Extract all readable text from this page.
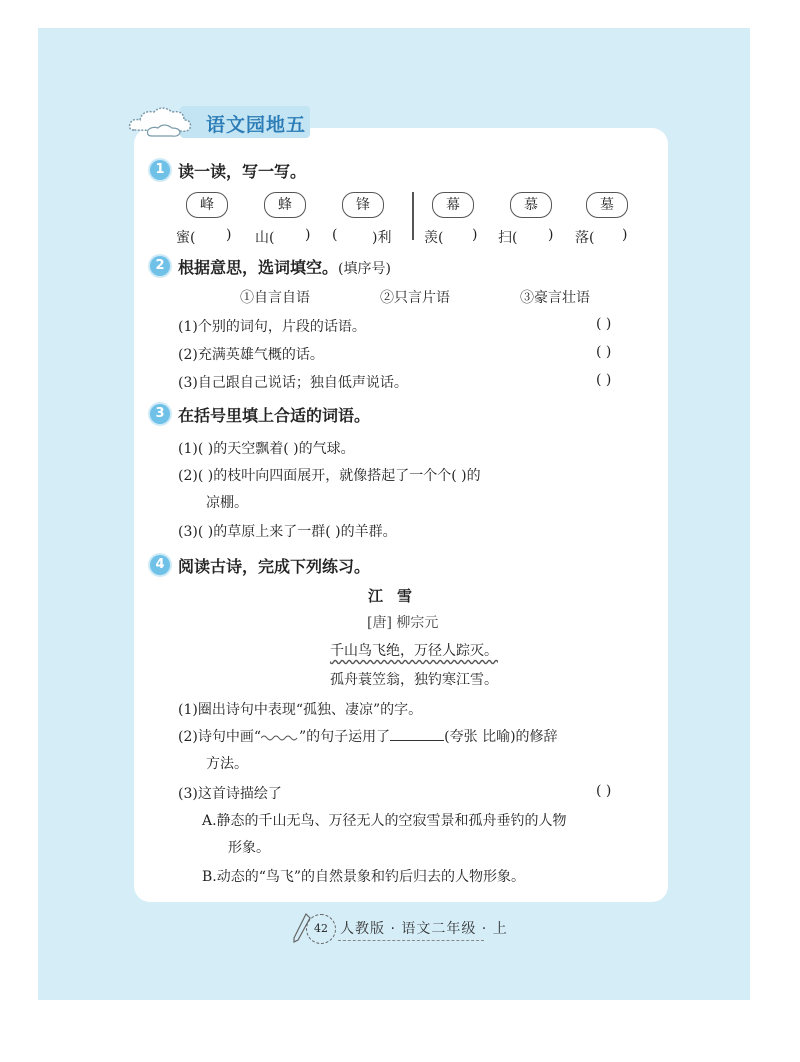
语文园地五
1 读一读，写一写。
峰	蜂	锋	幕	慕	墓
蜜( ) 山( ) ( )利 羡( ) 扫( ) 落( )
2 根据意思，选词填空。(填序号)
①自言自语	②只言片语	③豪言壮语
(1)个别的词句，片段的话语。	( )
(2)充满英雄气概的话。	( )
(3)自己跟自己说话；独自低声说话。	( )
3 在括号里填上合适的词语。
(1)( )的天空飘着( )的气球。
(2)( )的枝叶向四面展开，就像搭起了一个个( )的
凉棚。
(3)( )的草原上来了一群( )的羊群。
4 阅读古诗，完成下列练习。
江雪
[唐] 柳宗元
千山鸟飞绝，万径人踪灭。
孤舟蓑笠翁，独钓寒江雪。
(1)圈出诗句中表现“孤独、凄凉”的字。
(2)诗句中画“	”的句子运用了	(夸张 比喻)的修辞
方法。
(3)这首诗描绘了	( )
A.静态的千山无鸟、万径无人的空寂雪景和孤舟垂钓的人物
形象。
B.动态的“鸟飞”的自然景象和钓后归去的人物形象。
42 人教版 · 语文二年级 · 上
